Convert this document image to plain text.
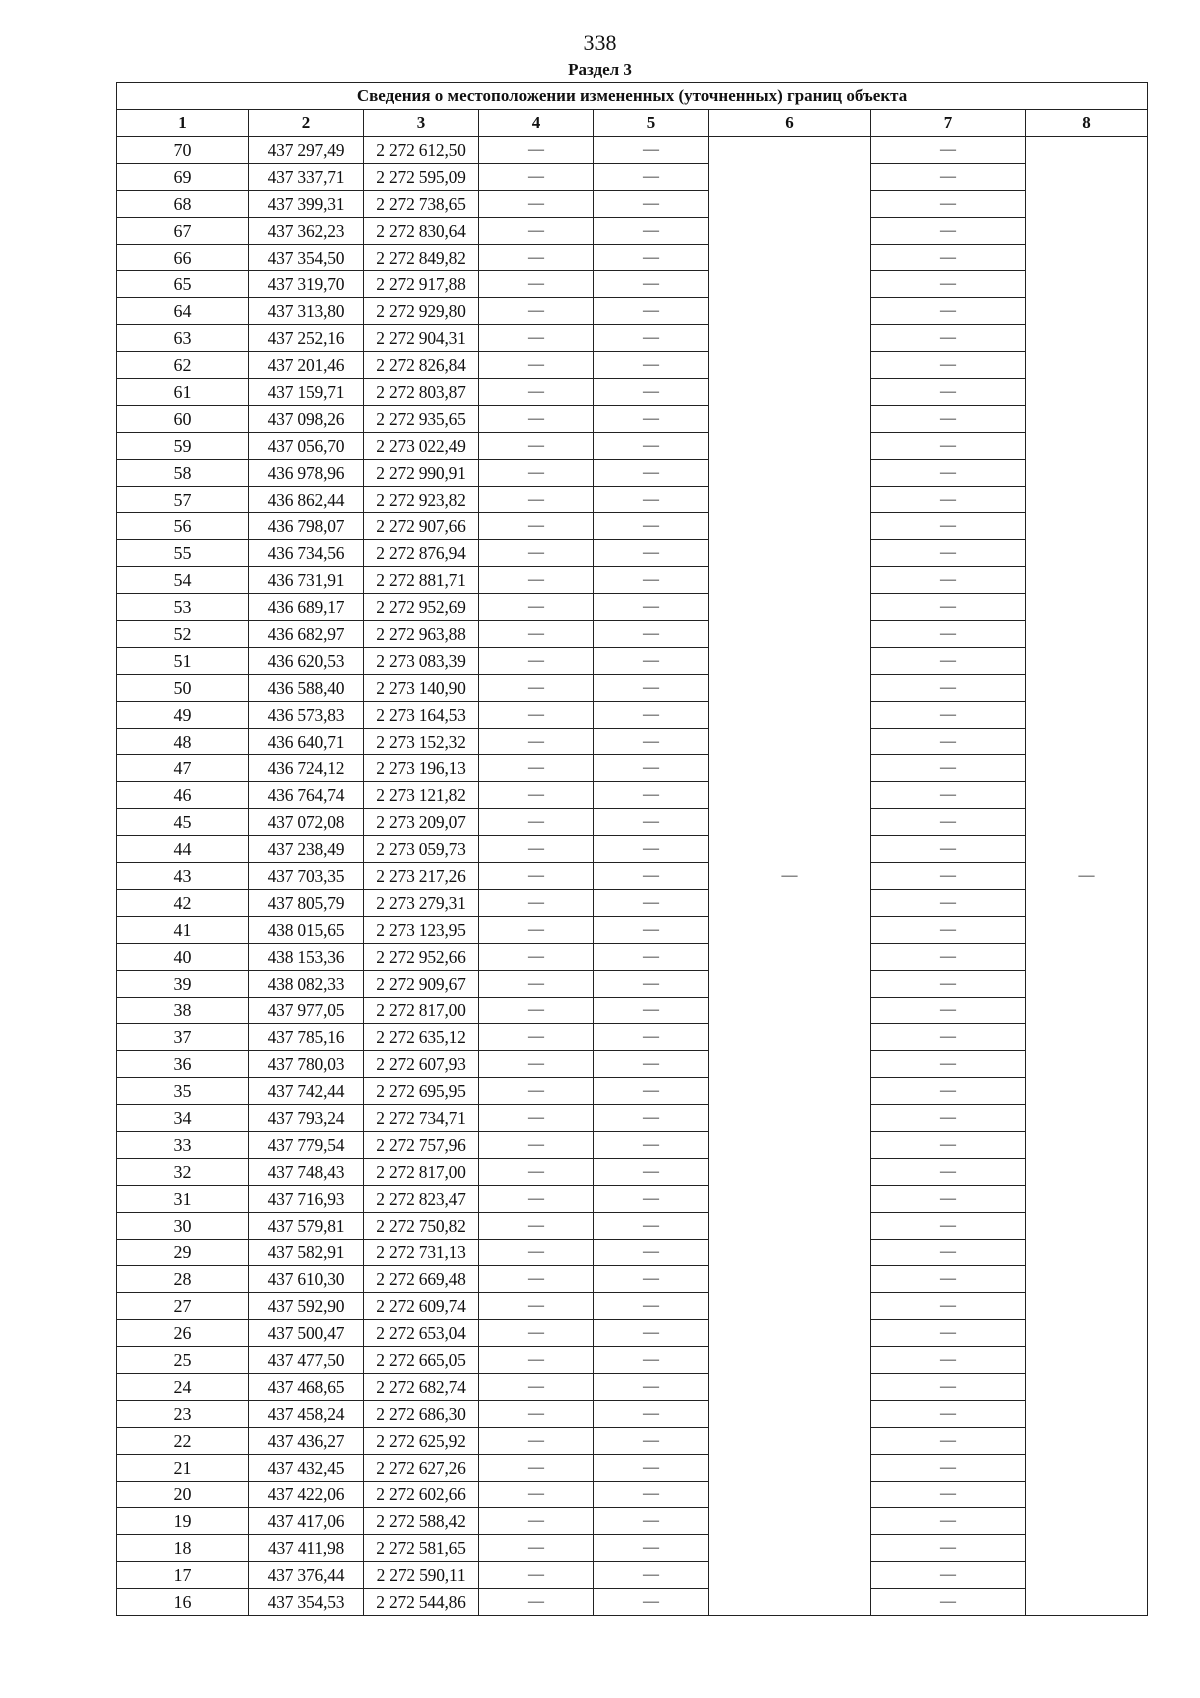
338
Раздел 3
Сведения о местоположении измененных (уточненных) границ объекта							
1	2	3	4	5	6	7	8
70	437 297,49	2 272 612,50	—	—	—	—	—
69	437 337,71	2 272 595,09	—	—		—	
68	437 399,31	2 272 738,65	—	—		—	
67	437 362,23	2 272 830,64	—	—		—	
66	437 354,50	2 272 849,82	—	—		—	
65	437 319,70	2 272 917,88	—	—		—	
64	437 313,80	2 272 929,80	—	—		—	
63	437 252,16	2 272 904,31	—	—		—	
62	437 201,46	2 272 826,84	—	—		—	
61	437 159,71	2 272 803,87	—	—		—	
60	437 098,26	2 272 935,65	—	—		—	
59	437 056,70	2 273 022,49	—	—		—	
58	436 978,96	2 272 990,91	—	—		—	
57	436 862,44	2 272 923,82	—	—		—	
56	436 798,07	2 272 907,66	—	—		—	
55	436 734,56	2 272 876,94	—	—		—	
54	436 731,91	2 272 881,71	—	—		—	
53	436 689,17	2 272 952,69	—	—		—	
52	436 682,97	2 272 963,88	—	—		—	
51	436 620,53	2 273 083,39	—	—		—	
50	436 588,40	2 273 140,90	—	—		—	
49	436 573,83	2 273 164,53	—	—		—	
48	436 640,71	2 273 152,32	—	—		—	
47	436 724,12	2 273 196,13	—	—		—	
46	436 764,74	2 273 121,82	—	—		—	
45	437 072,08	2 273 209,07	—	—		—	
44	437 238,49	2 273 059,73	—	—		—	
43	437 703,35	2 273 217,26	—	—		—	
42	437 805,79	2 273 279,31	—	—		—	
41	438 015,65	2 273 123,95	—	—		—	
40	438 153,36	2 272 952,66	—	—		—	
39	438 082,33	2 272 909,67	—	—		—	
38	437 977,05	2 272 817,00	—	—		—	
37	437 785,16	2 272 635,12	—	—		—	
36	437 780,03	2 272 607,93	—	—		—	
35	437 742,44	2 272 695,95	—	—		—	
34	437 793,24	2 272 734,71	—	—		—	
33	437 779,54	2 272 757,96	—	—		—	
32	437 748,43	2 272 817,00	—	—		—	
31	437 716,93	2 272 823,47	—	—		—	
30	437 579,81	2 272 750,82	—	—		—	
29	437 582,91	2 272 731,13	—	—		—	
28	437 610,30	2 272 669,48	—	—		—	
27	437 592,90	2 272 609,74	—	—		—	
26	437 500,47	2 272 653,04	—	—		—	
25	437 477,50	2 272 665,05	—	—		—	
24	437 468,65	2 272 682,74	—	—		—	
23	437 458,24	2 272 686,30	—	—		—	
22	437 436,27	2 272 625,92	—	—		—	
21	437 432,45	2 272 627,26	—	—		—	
20	437 422,06	2 272 602,66	—	—		—	
19	437 417,06	2 272 588,42	—	—		—	
18	437 411,98	2 272 581,65	—	—		—	
17	437 376,44	2 272 590,11	—	—		—	
16	437 354,53	2 272 544,86	—	—		—	
